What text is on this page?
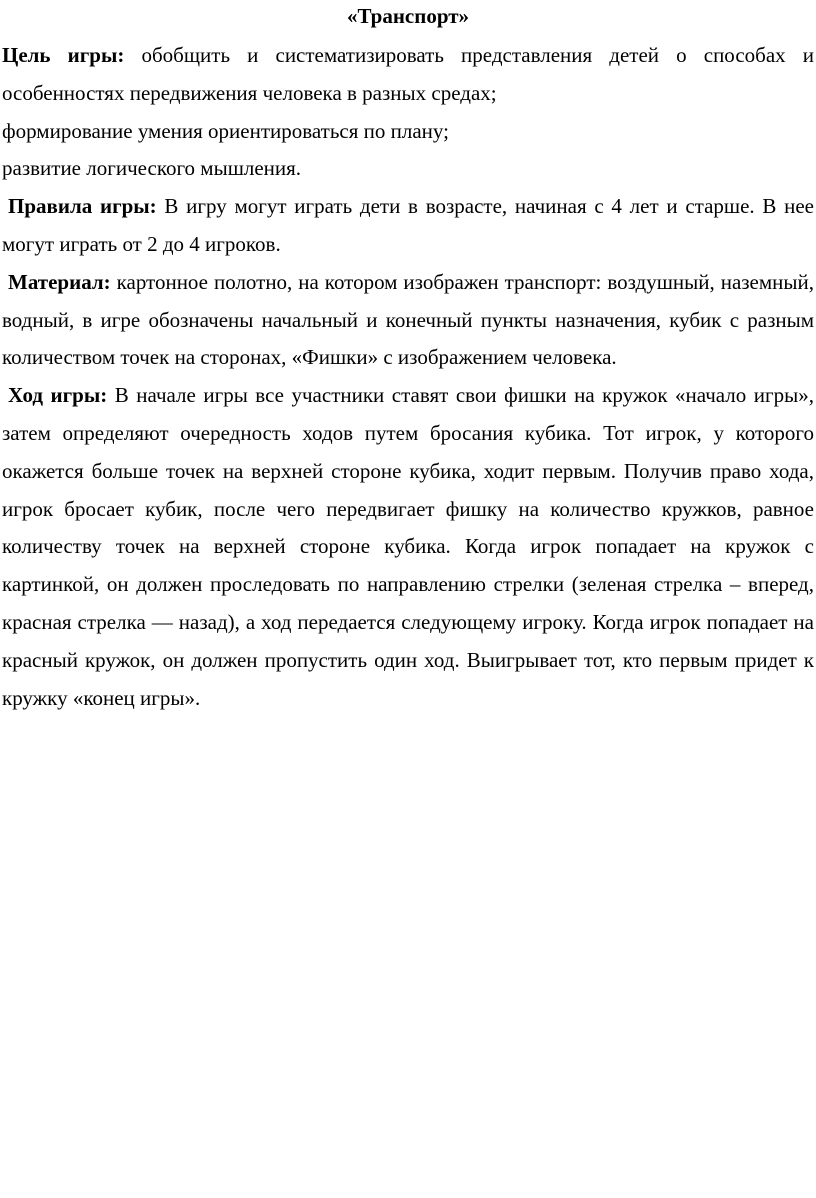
«Транспорт»

Цель игры: обобщить и систематизировать представления детей о способах и особенностях передвижения человека в разных средах;

формирование умения ориентироваться по плану;

развитие логического мышления.

Правила игры: В игру могут играть дети в возрасте, начиная с 4 лет и старше. В нее могут играть от 2 до 4 игроков.

Материал: картонное полотно, на котором изображен транспорт: воздушный, наземный, водный, в игре обозначены начальный и конечный пункты назначения, кубик с разным количеством точек на сторонах, «Фишки» с изображением человека.

Ход игры: В начале игры все участники ставят свои фишки на кружок «начало игры», затем определяют очередность ходов путем бросания кубика. Тот игрок, у которого окажется больше точек на верхней стороне кубика, ходит первым. Получив право хода, игрок бросает кубик, после чего передвигает фишку на количество кружков, равное количеству точек на верхней стороне кубика. Когда игрок попадает на кружок с картинкой, он должен проследовать по направлению стрелки (зеленая стрелка – вперед, красная стрелка — назад), а ход передается следующему игроку. Когда игрок попадает на красный кружок, он должен пропустить один ход. Выигрывает тот, кто первым придет к кружку «конец игры».
